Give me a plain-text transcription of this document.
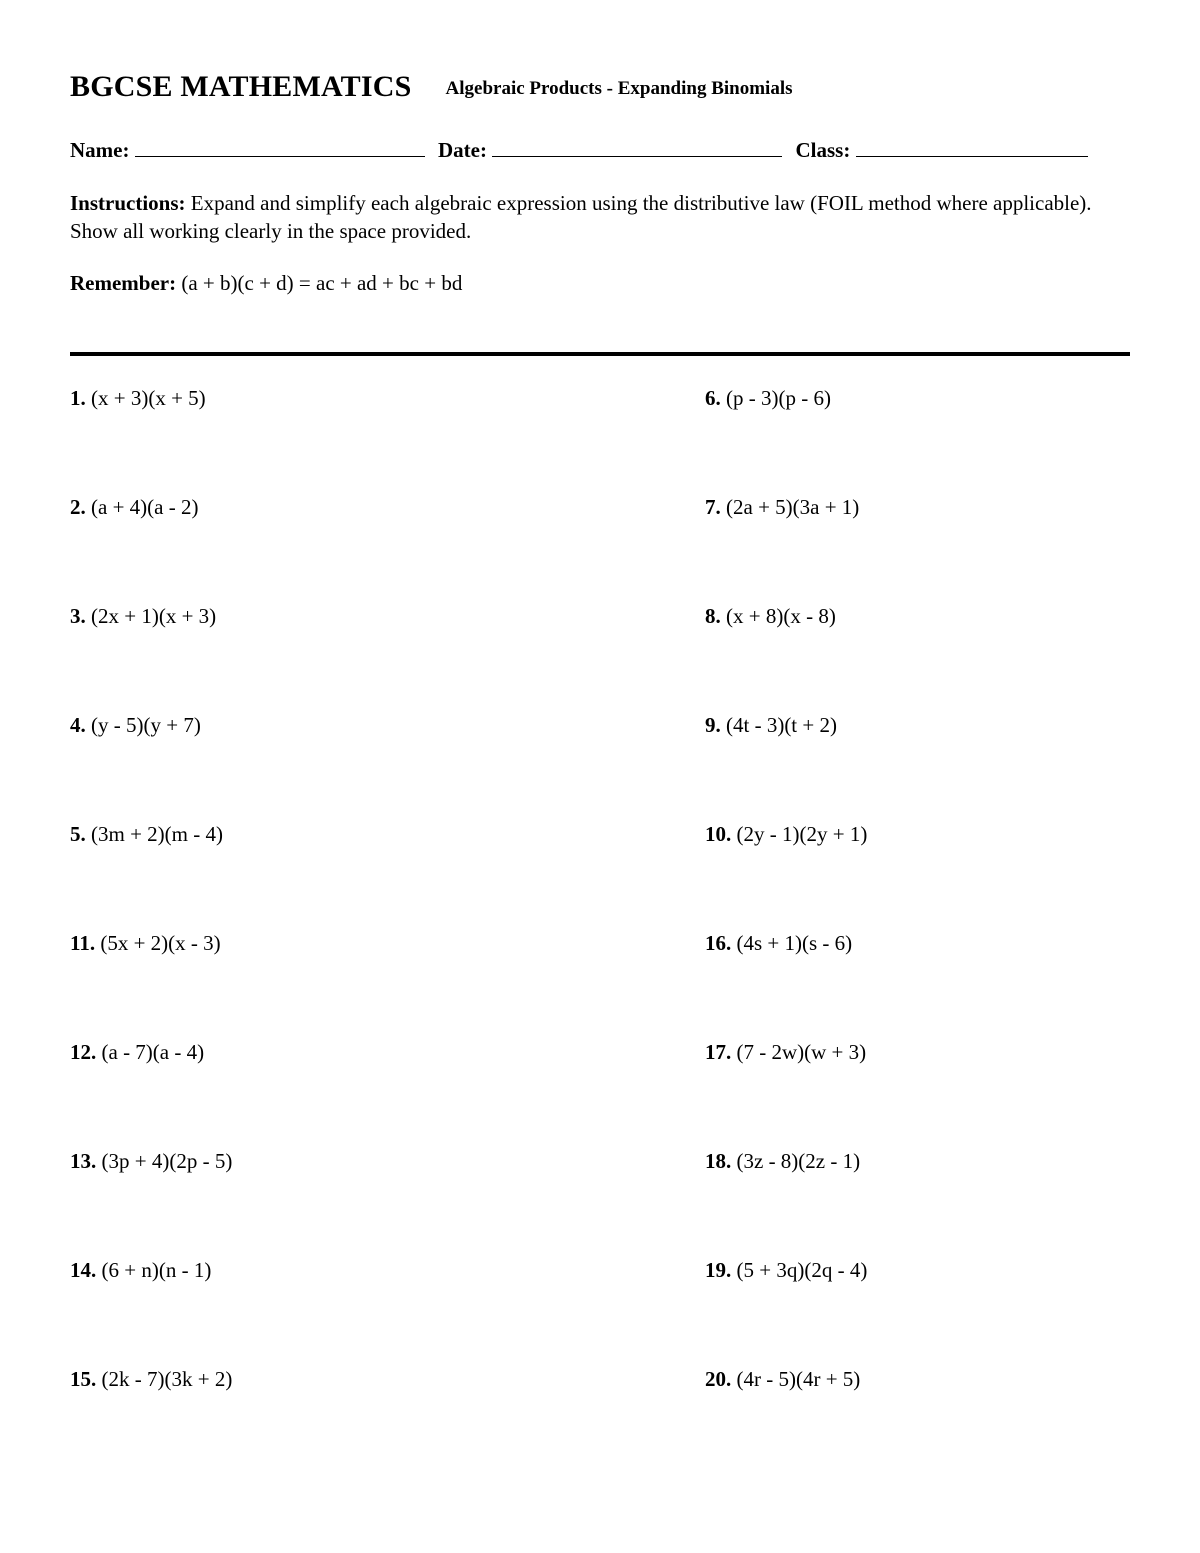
BGCSE MATHEMATICS Algebraic Products - Expanding Binomials
Name:	Date:	Class:
Instructions: Expand and simplify each algebraic expression using the distributive law (FOIL method where applicable). Show all working clearly in the space provided.
Remember: (a + b)(c + d) = ac + ad + bc + bd
1. (x + 3)(x + 5)
2. (a + 4)(a - 2)
3. (2x + 1)(x + 3)
4. (y - 5)(y + 7)
5. (3m + 2)(m - 4)
11. (5x + 2)(x - 3)
12. (a - 7)(a - 4)
13. (3p + 4)(2p - 5)
14. (6 + n)(n - 1)
15. (2k - 7)(3k + 2)
6. (p - 3)(p - 6)
7. (2a + 5)(3a + 1)
8. (x + 8)(x - 8)
9. (4t - 3)(t + 2)
10. (2y - 1)(2y + 1)
16. (4s + 1)(s - 6)
17. (7 - 2w)(w + 3)
18. (3z - 8)(2z - 1)
19. (5 + 3q)(2q - 4)
20. (4r - 5)(4r + 5)
